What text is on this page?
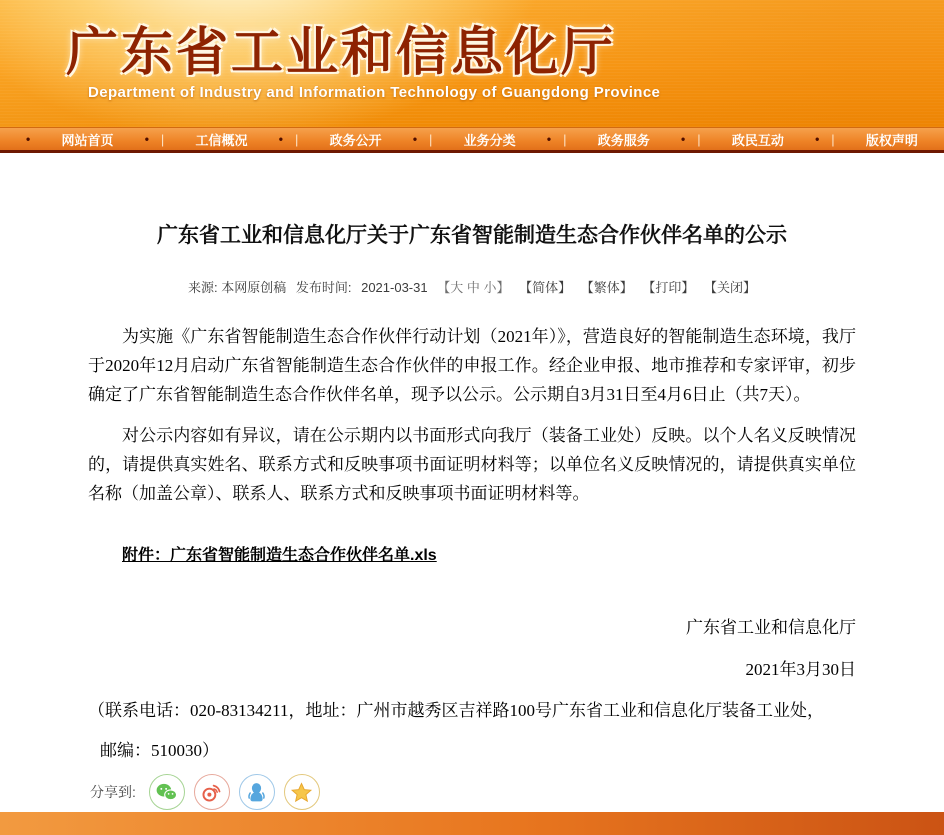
广东省工业和信息化厅
Department of Industry and Information Technology of Guangdong Province
• 网站首页	• | 工信概况	• | 政务公开	• | 业务分类	• | 政务服务	• | 政民互动	• | 版权声明
广东省工业和信息化厅关于广东省智能制造生态合作伙伴名单的公示
来源: 本网原创稿 发布时间: 2021-03-31 【大 中 小】 【简体】 【繁体】 【打印】 【关闭】

为实施《广东省智能制造生态合作伙伴行动计划（2021年）》，营造良好的智能制造生态环境，我厅于2020年12月启动广东省智能制造生态合作伙伴的申报工作。经企业申报、地市推荐和专家评审，初步确定了广东省智能制造生态合作伙伴名单，现予以公示。公示期自3月31日至4月6日止（共7天）。

对公示内容如有异议，请在公示期内以书面形式向我厅（装备工业处）反映。以个人名义反映情况的，请提供真实姓名、联系方式和反映事项书面证明材料等；以单位名义反映情况的，请提供真实单位名称（加盖公章）、联系人、联系方式和反映事项书面证明材料等。

附件：广东省智能制造生态合作伙伴名单.xls
广东省工业和信息化厅
2021年3月30日
（联系电话：020-83134211，地址：广州市越秀区吉祥路100号广东省工业和信息化厅装备工业处，
邮编：510030）
分享到:
